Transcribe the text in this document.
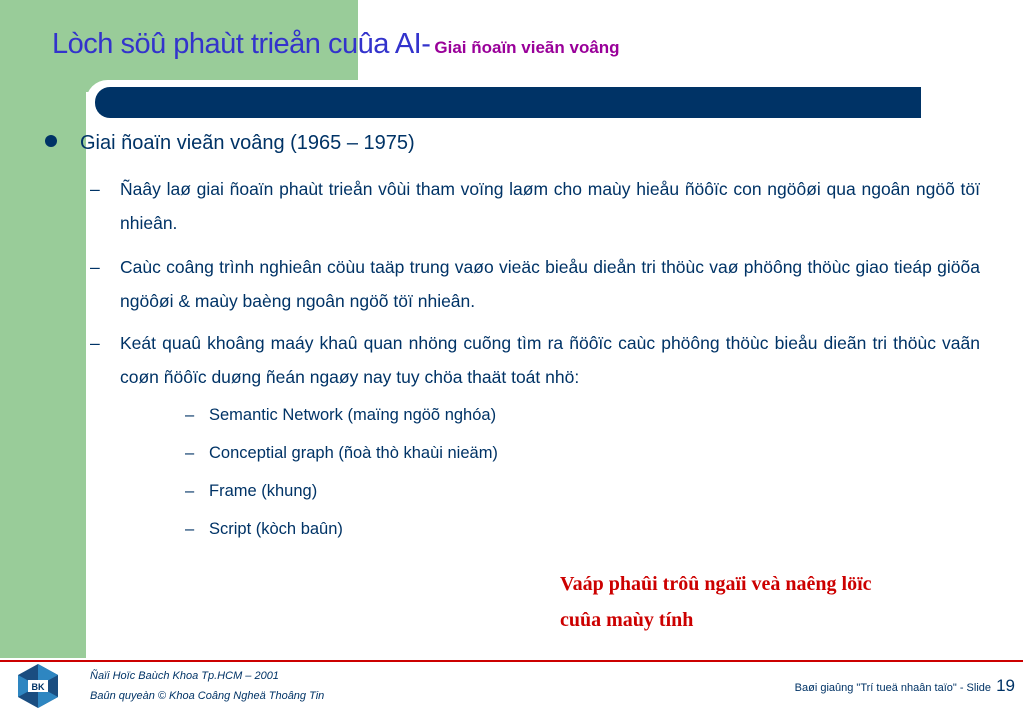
Lòch söû phaùt trieån cuûa AI- Giai ñoaïn vieãn voâng
Giai ñoaïn vieãn voâng (1965 – 1975)
– Ñaây laø giai ñoaïn phaùt trieån vôùi tham voïng laøm cho maùy hieåu ñöôïc con ngöôøi qua ngoân ngöõ töï nhieân.
– Caùc coâng trình nghieân cöùu taäp trung vaøo vieäc bieåu dieån tri thöùc vaø phöông thöùc giao tieáp giöõa ngöôøi & maùy baèng ngoân ngöõ töï nhieân.
– Keát quaû khoâng maáy khaû quan nhöng cuõng tìm ra ñöôïc caùc phöông thöùc bieåu dieãn tri thöùc vaãn coøn ñöôïc duøng ñeán ngaøy nay tuy chöa thaät toát nhö:
– Semantic Network (maïng ngöõ nghóa)
– Conceptial graph (ñoà thò khaùi nieäm)
– Frame (khung)
– Script (kòch baûn)
Vaáp phaûi trôû ngaïi veà naêng löïc
cuûa maùy tính
BK
Ñaïi Hoïc Baùch Khoa Tp.HCM – 2001
Baûn quyeàn © Khoa Coâng Ngheä Thoâng Tin
Baøi giaûng "Trí tueä nhaân taïo" - Slide 19
